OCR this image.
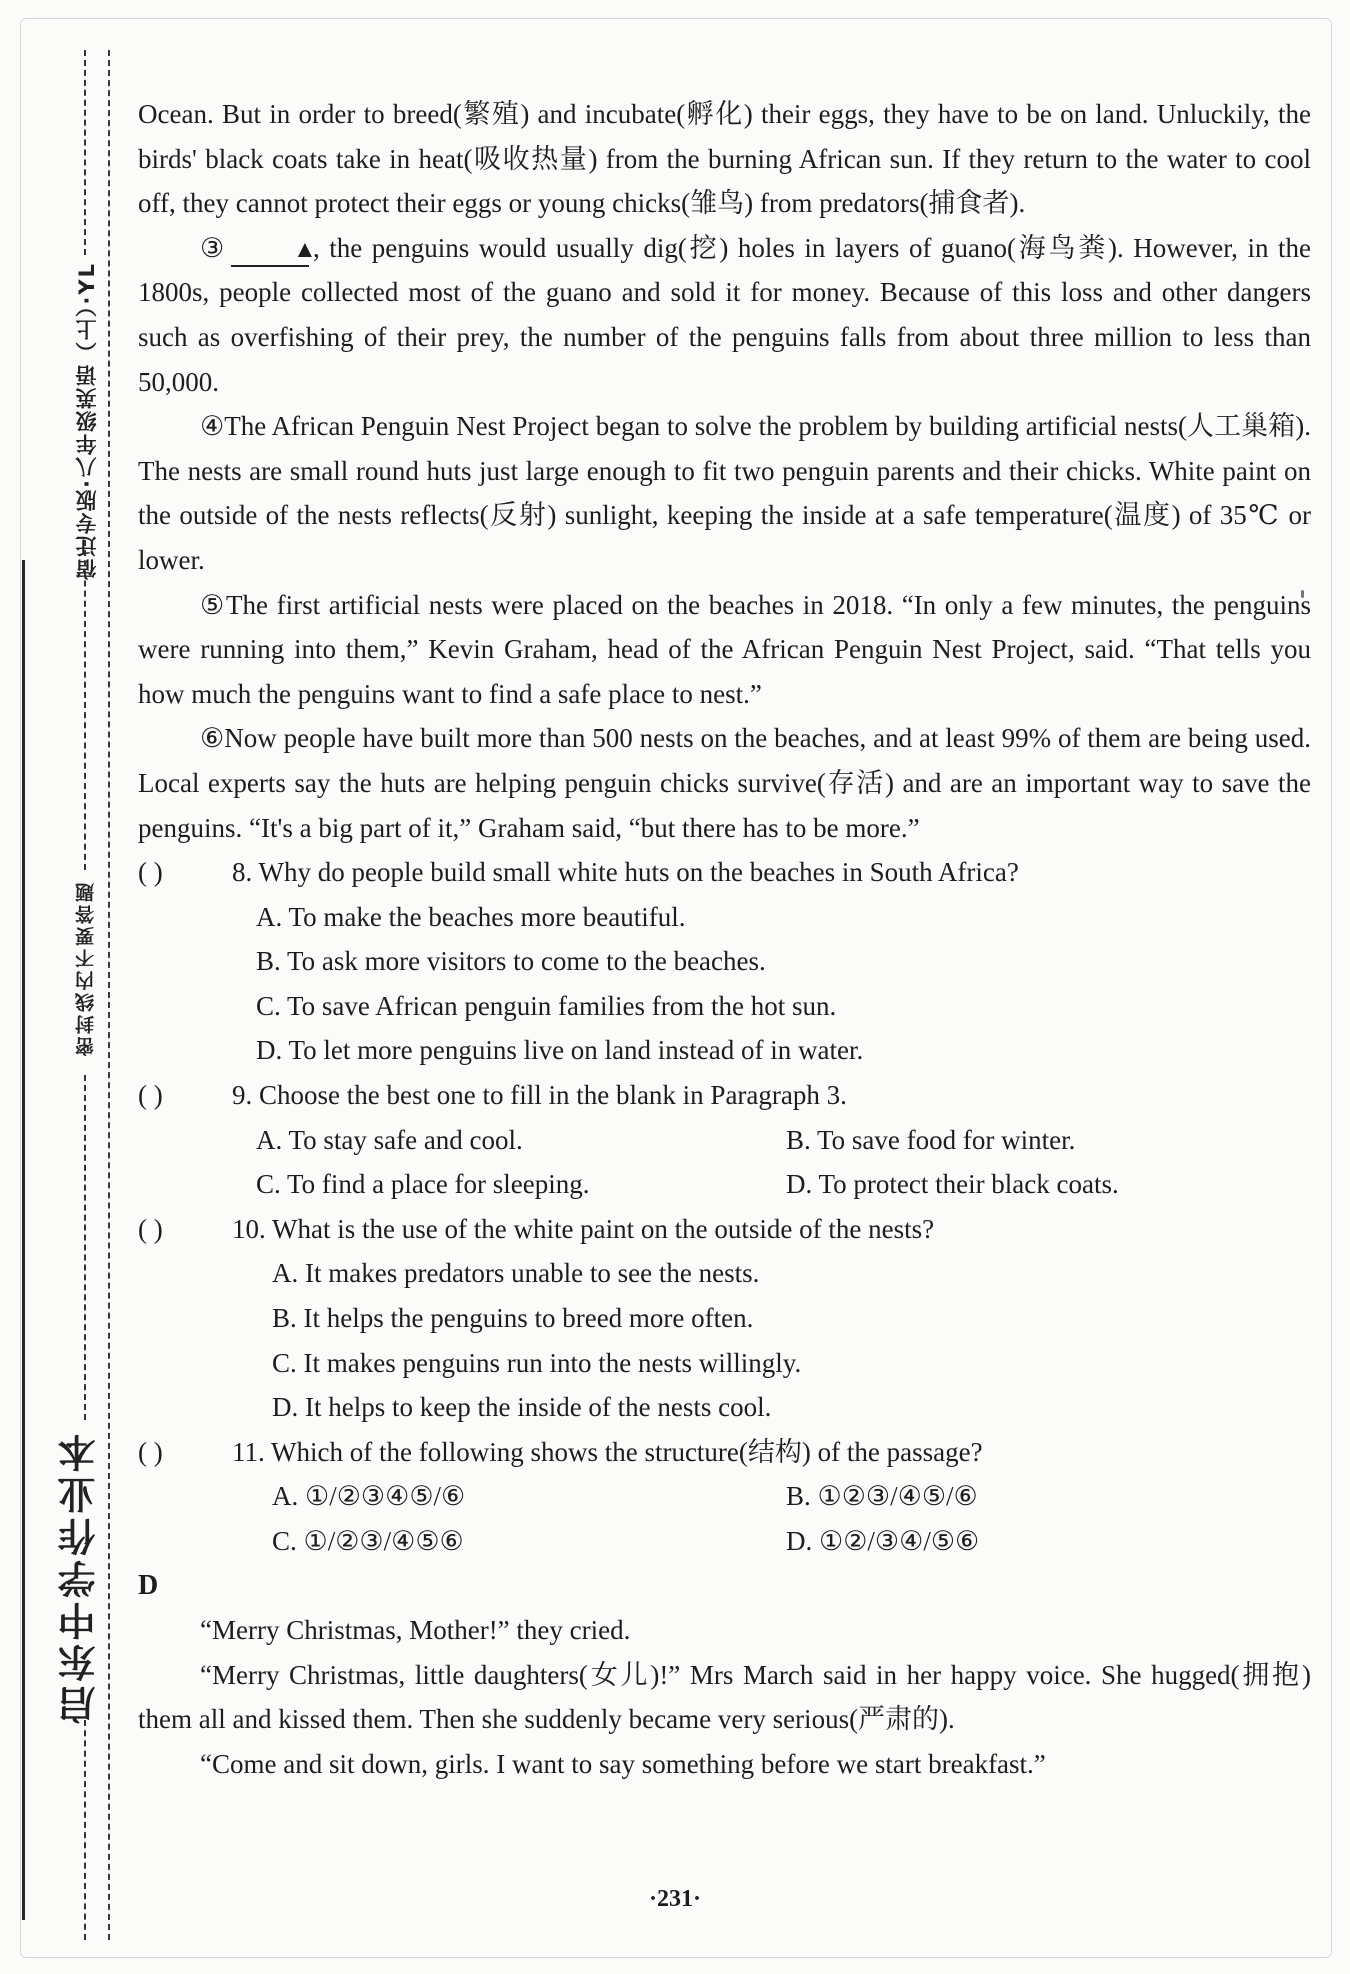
宿迁专版·八年级英语（上）·YL
密封线内不要答题
启东中学作业本

Ocean. But in order to breed(繁殖) and incubate(孵化) their eggs, they have to be on land. Unluckily, the birds' black coats take in heat(吸收热量) from the burning African sun. If they return to the water to cool off, they cannot protect their eggs or young chicks(雏鸟) from predators(捕食者).

③	▲, the penguins would usually dig(挖) holes in layers of guano(海鸟粪). However, in the 1800s, people collected most of the guano and sold it for money. Because of this loss and other dangers such as overfishing of their prey, the number of the penguins falls from about three million to less than 50,000.

④The African Penguin Nest Project began to solve the problem by building artificial nests(人工巢箱). The nests are small round huts just large enough to fit two penguin parents and their chicks. White paint on the outside of the nests reflects(反射) sunlight, keeping the inside at a safe temperature(温度) of 35℃ or lower.

⑤The first artificial nests were placed on the beaches in 2018. “In only a few minutes, the penguins were running into them,” Kevin Graham, head of the African Penguin Nest Project, said. “That tells you how much the penguins want to find a safe place to nest.”

⑥Now people have built more than 500 nests on the beaches, and at least 99% of them are being used. Local experts say the huts are helping penguin chicks survive(存活) and are an important way to save the penguins. “It's a big part of it,” Graham said, “but there has to be more.”

( )	8. Why do people build small white huts on the beaches in South Africa?

A. To make the beaches more beautiful.

B. To ask more visitors to come to the beaches.

C. To save African penguin families from the hot sun.

D. To let more penguins live on land instead of in water.

( )	9. Choose the best one to fill in the blank in Paragraph 3.
A. To stay safe and cool.	B. To save food for winter.
C. To find a place for sleeping.	D. To protect their black coats.
( )	10. What is the use of the white paint on the outside of the nests?

A. It makes predators unable to see the nests.

B. It helps the penguins to breed more often.

C. It makes penguins run into the nests willingly.

D. It helps to keep the inside of the nests cool.

( )	11. Which of the following shows the structure(结构) of the passage?
A. ①/②③④⑤/⑥	B. ①②③/④⑤/⑥
C. ①/②③/④⑤⑥	D. ①②/③④/⑤⑥

D

“Merry Christmas, Mother!” they cried.

“Merry Christmas, little daughters(女儿)!” Mrs March said in her happy voice. She hugged(拥抱) them all and kissed them. Then she suddenly became very serious(严肃的).

“Come and sit down, girls. I want to say something before we start breakfast.”

·231·
